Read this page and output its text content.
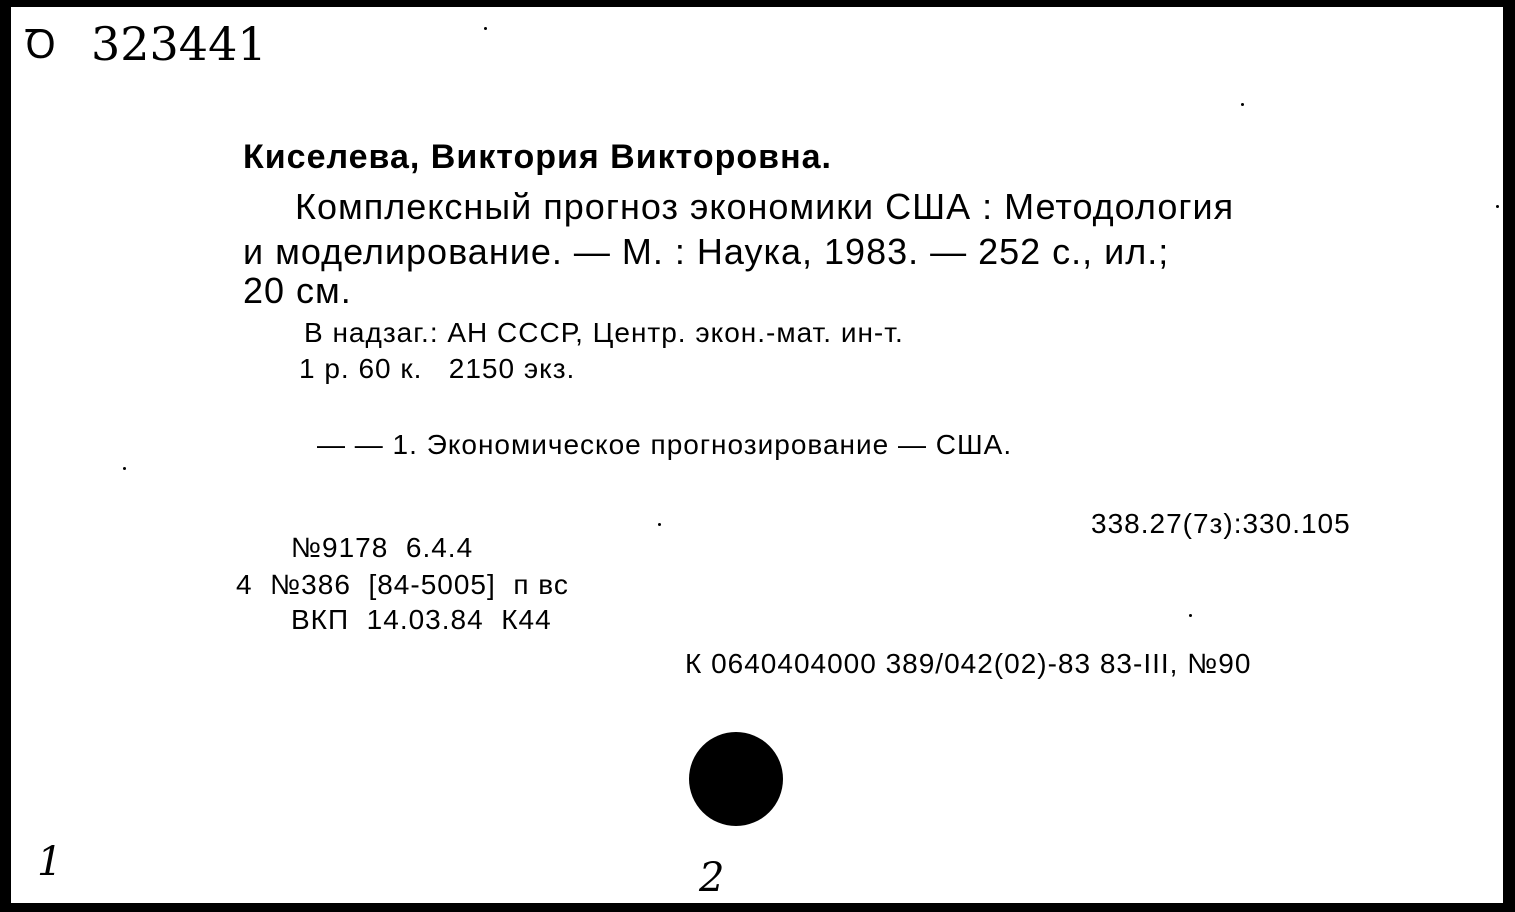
Ꝺ 323441
Киселева, Виктория Викторовна.
Комплексный прогноз экономики США : Методология
и моделирование. — М. : Наука, 1983. — 252 с., ил.;
20 см.
В надзаг.: АН СССР, Центр. экон.-мат. ин-т.
1 р. 60 к.   2150 экз.
— — 1. Экономическое прогнозирование — США.
338.27(7з):330.105
№9178  6.4.4
4  №386  [84-5005]  п вс
ВКП  14.03.84  К44
К 0640404000 389/042(02)-83 83-III, №90
1	2
